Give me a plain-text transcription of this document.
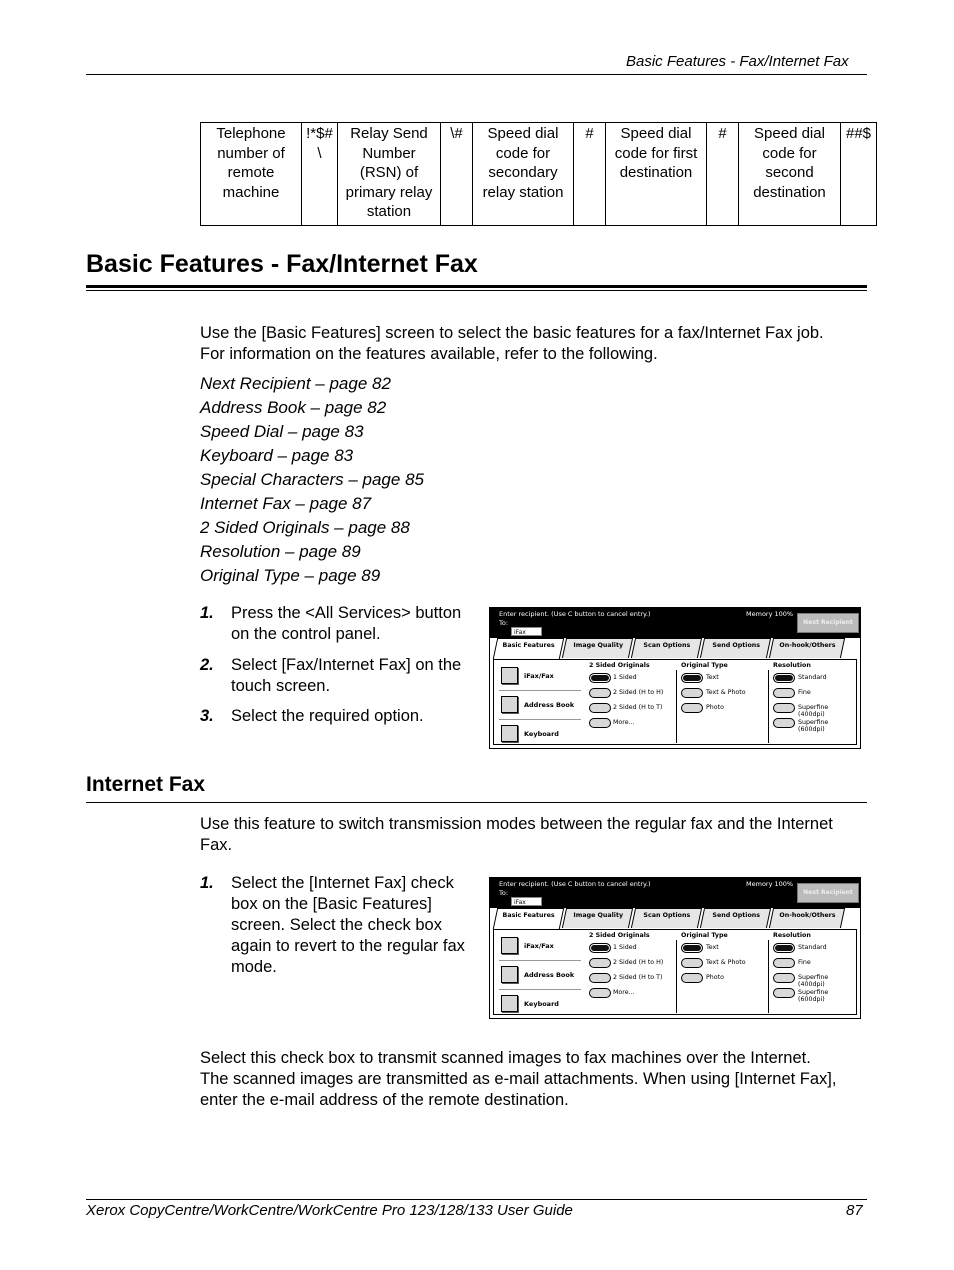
Basic Features - Fax/Internet Fax
Telephone number of remote machine	!*$# \	Relay Send Number (RSN) of primary relay station	\#	Speed dial code for secondary relay station	#	Speed dial code for first destination	#	Speed dial code for second destination	##$
Basic Features - Fax/Internet Fax
Use the [Basic Features] screen to select the basic features for a fax/Internet Fax job.
For information on the features available, refer to the following.
Next Recipient – page 82
Address Book – page 82
Speed Dial – page 83
Keyboard – page 83
Special Characters – page 85
Internet Fax – page 87
2 Sided Originals – page 88
Resolution – page 89
Original Type – page 89
1. Press the <All Services> button
on the control panel.
2. Select [Fax/Internet Fax] on the
touch screen.
3. Select the required option.
Enter recipient. (Use C button to cancel entry.)
To:
iFax
Memory 100%
Next Recipient
Basic Features	Image Quality	Scan Options	Send Options	On-hook/Others
iFax/Fax
Address Book
Keyboard
2 Sided Originals
1 Sided
2 Sided (H to H)
2 Sided (H to T)
More...
Original Type
Text
Text & Photo
Photo
Resolution
Standard
Fine
Superfine (400dpi)
Superfine (600dpi)
Internet Fax
Use this feature to switch transmission modes between the regular fax and the Internet
Fax.
1. Select the [Internet Fax] check
box on the [Basic Features]
screen. Select the check box
again to revert to the regular fax
mode.
Enter recipient. (Use C button to cancel entry.)
To:
iFax
Memory 100%
Next Recipient
Basic Features	Image Quality	Scan Options	Send Options	On-hook/Others
iFax/Fax
Address Book
Keyboard
2 Sided Originals
1 Sided
2 Sided (H to H)
2 Sided (H to T)
More...
Original Type
Text
Text & Photo
Photo
Resolution
Standard
Fine
Superfine (400dpi)
Superfine (600dpi)
Select this check box to transmit scanned images to fax machines over the Internet.
The scanned images are transmitted as e-mail attachments. When using [Internet Fax],
enter the e-mail address of the remote destination.
Xerox CopyCentre/WorkCentre/WorkCentre Pro 123/128/133 User Guide	87
